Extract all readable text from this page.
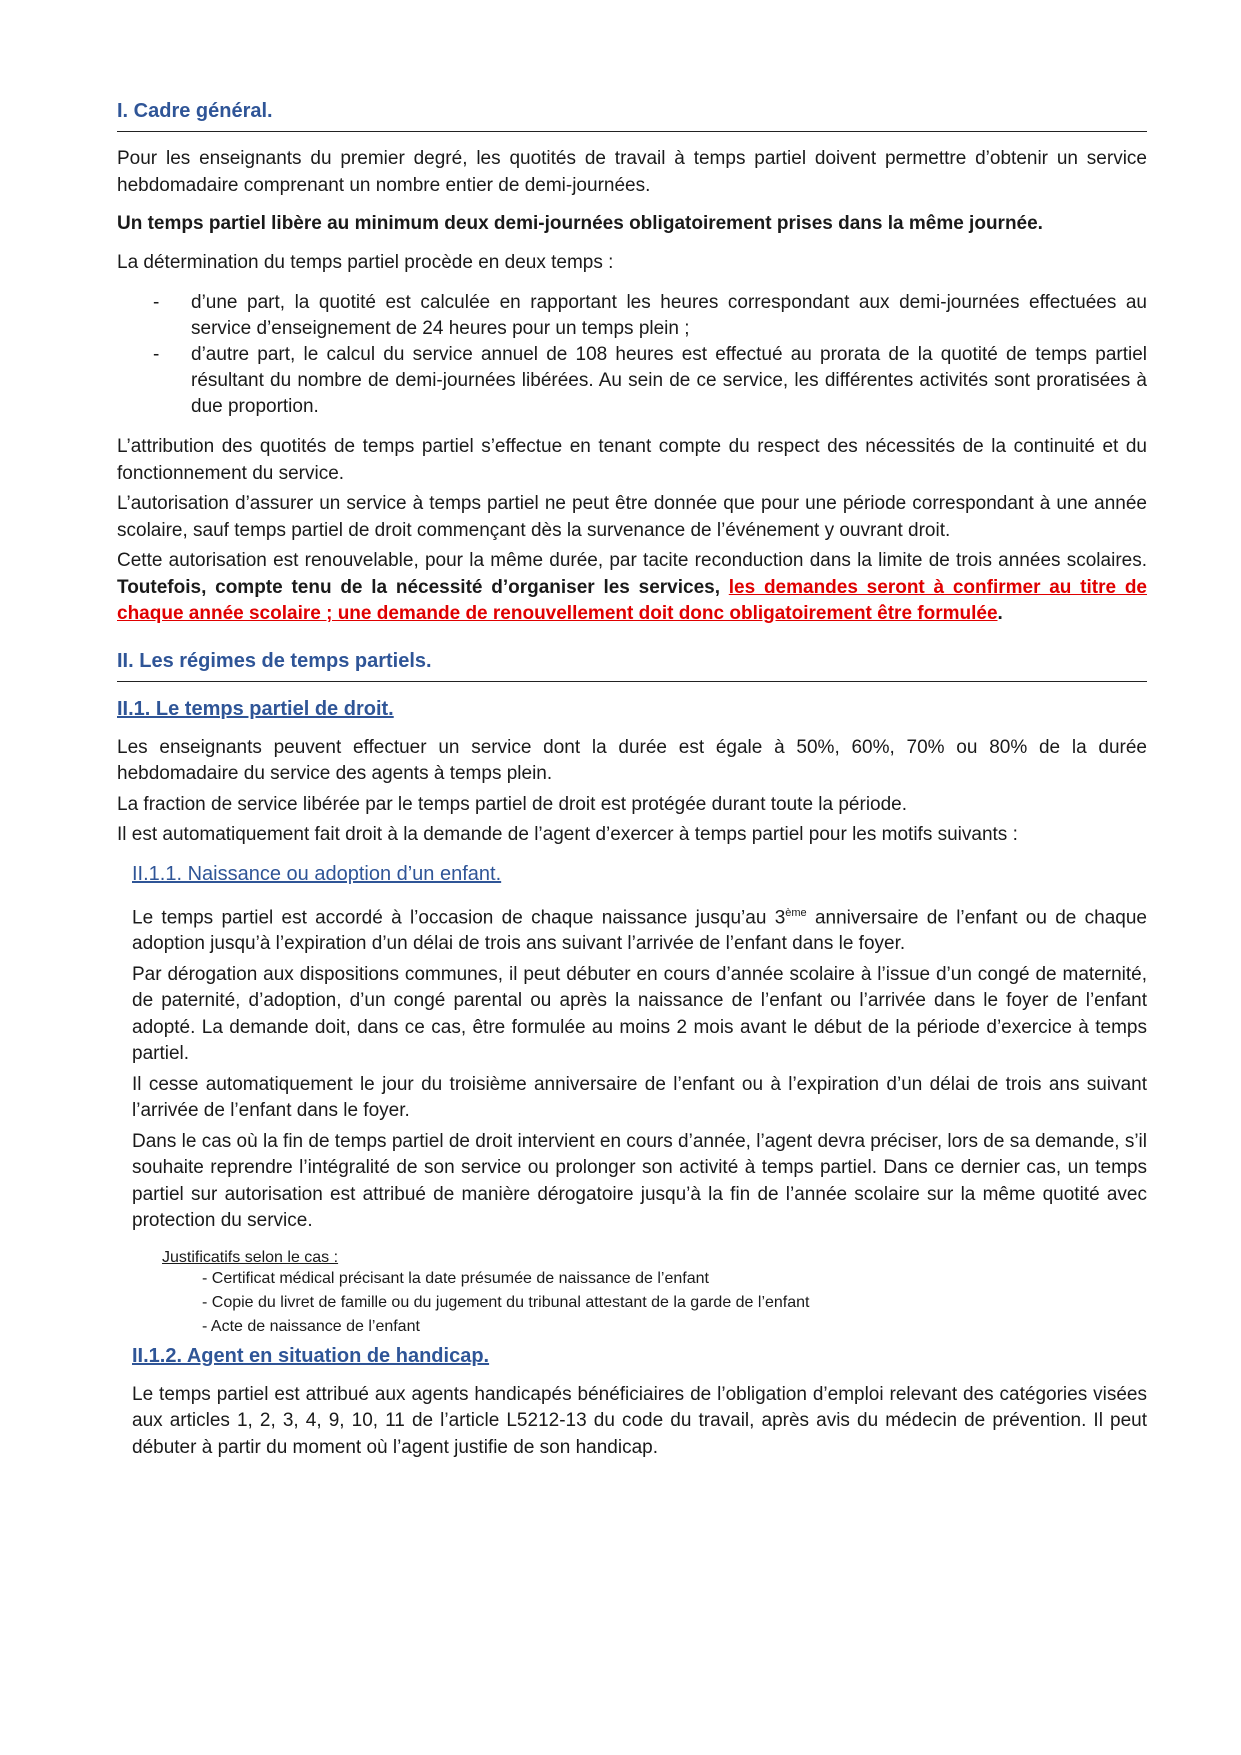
I. Cadre général.

Pour les enseignants du premier degré, les quotités de travail à temps partiel doivent permettre d’obtenir un service hebdomadaire comprenant un nombre entier de demi-journées.

Un temps partiel libère au minimum deux demi-journées obligatoirement prises dans la même journée.

La détermination du temps partiel procède en deux temps :

- d’une part, la quotité est calculée en rapportant les heures correspondant aux demi-journées effectuées au service d’enseignement de 24 heures pour un temps plein ;
- d’autre part, le calcul du service annuel de 108 heures est effectué au prorata de la quotité de temps partiel résultant du nombre de demi-journées libérées. Au sein de ce service, les différentes activités sont proratisées à due proportion.

L’attribution des quotités de temps partiel s’effectue en tenant compte du respect des nécessités de la continuité et du fonctionnement du service.

L’autorisation d’assurer un service à temps partiel ne peut être donnée que pour une période correspondant à une année scolaire, sauf temps partiel de droit commençant dès la survenance de l’événement y ouvrant droit.

Cette autorisation est renouvelable, pour la même durée, par tacite reconduction dans la limite de trois années scolaires. Toutefois, compte tenu de la nécessité d’organiser les services, les demandes seront à confirmer au titre de chaque année scolaire ; une demande de renouvellement doit donc obligatoirement être formulée.

II. Les régimes de temps partiels.
II.1. Le temps partiel de droit.

Les enseignants peuvent effectuer un service dont la durée est égale à 50%, 60%, 70% ou 80% de la durée hebdomadaire du service des agents à temps plein.

La fraction de service libérée par le temps partiel de droit est protégée durant toute la période.

Il est automatiquement fait droit à la demande de l’agent d’exercer à temps partiel pour les motifs suivants :

II.1.1. Naissance ou adoption d’un enfant.

Le temps partiel est accordé à l’occasion de chaque naissance jusqu’au 3ème anniversaire de l’enfant ou de chaque adoption jusqu’à l’expiration d’un délai de trois ans suivant l’arrivée de l’enfant dans le foyer.

Par dérogation aux dispositions communes, il peut débuter en cours d’année scolaire à l’issue d’un congé de maternité, de paternité, d’adoption, d’un congé parental ou après la naissance de l’enfant ou l’arrivée dans le foyer de l’enfant adopté. La demande doit, dans ce cas, être formulée au moins 2 mois avant le début de la période d’exercice à temps partiel.

Il cesse automatiquement le jour du troisième anniversaire de l’enfant ou à l’expiration d’un délai de trois ans suivant l’arrivée de l’enfant dans le foyer.

Dans le cas où la fin de temps partiel de droit intervient en cours d’année, l’agent devra préciser, lors de sa demande, s’il souhaite reprendre l’intégralité de son service ou prolonger son activité à temps partiel. Dans ce dernier cas, un temps partiel sur autorisation est attribué de manière dérogatoire jusqu’à la fin de l’année scolaire sur la même quotité avec protection du service.

Justificatifs selon le cas :

- Certificat médical précisant la date présumée de naissance de l’enfant
- Copie du livret de famille ou du jugement du tribunal attestant de la garde de l’enfant
- Acte de naissance de l’enfant
II.1.2. Agent en situation de handicap.

Le temps partiel est attribué aux agents handicapés bénéficiaires de l’obligation d’emploi relevant des catégories visées aux articles 1, 2, 3, 4, 9, 10, 11 de l’article L5212-13 du code du travail, après avis du médecin de prévention. Il peut débuter à partir du moment où l’agent justifie de son handicap.
